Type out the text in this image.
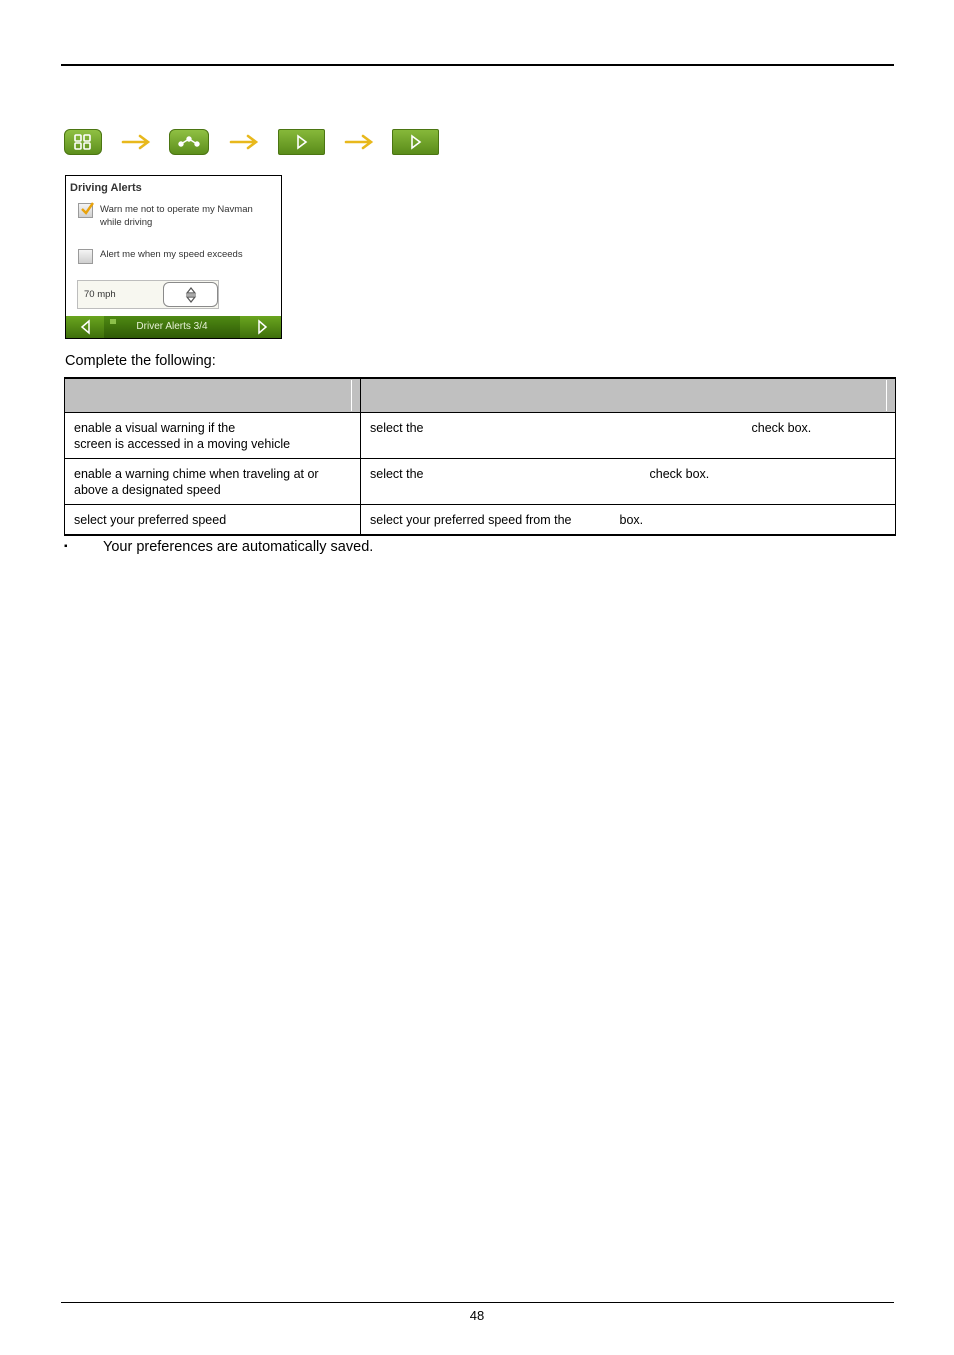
Driving Alerts
Warn me not to operate my Navman
while driving
Alert me when my speed exceeds
70 mph
Driver Alerts 3/4
Complete the following:

enable a visual warning if the
screen is accessed in a moving vehicle	select the check box.

enable a warning chime when traveling at or
above a designated speed	select the check box.

select your preferred speed	select your preferred speed from the box.
▪ Your preferences are automatically saved.
48
